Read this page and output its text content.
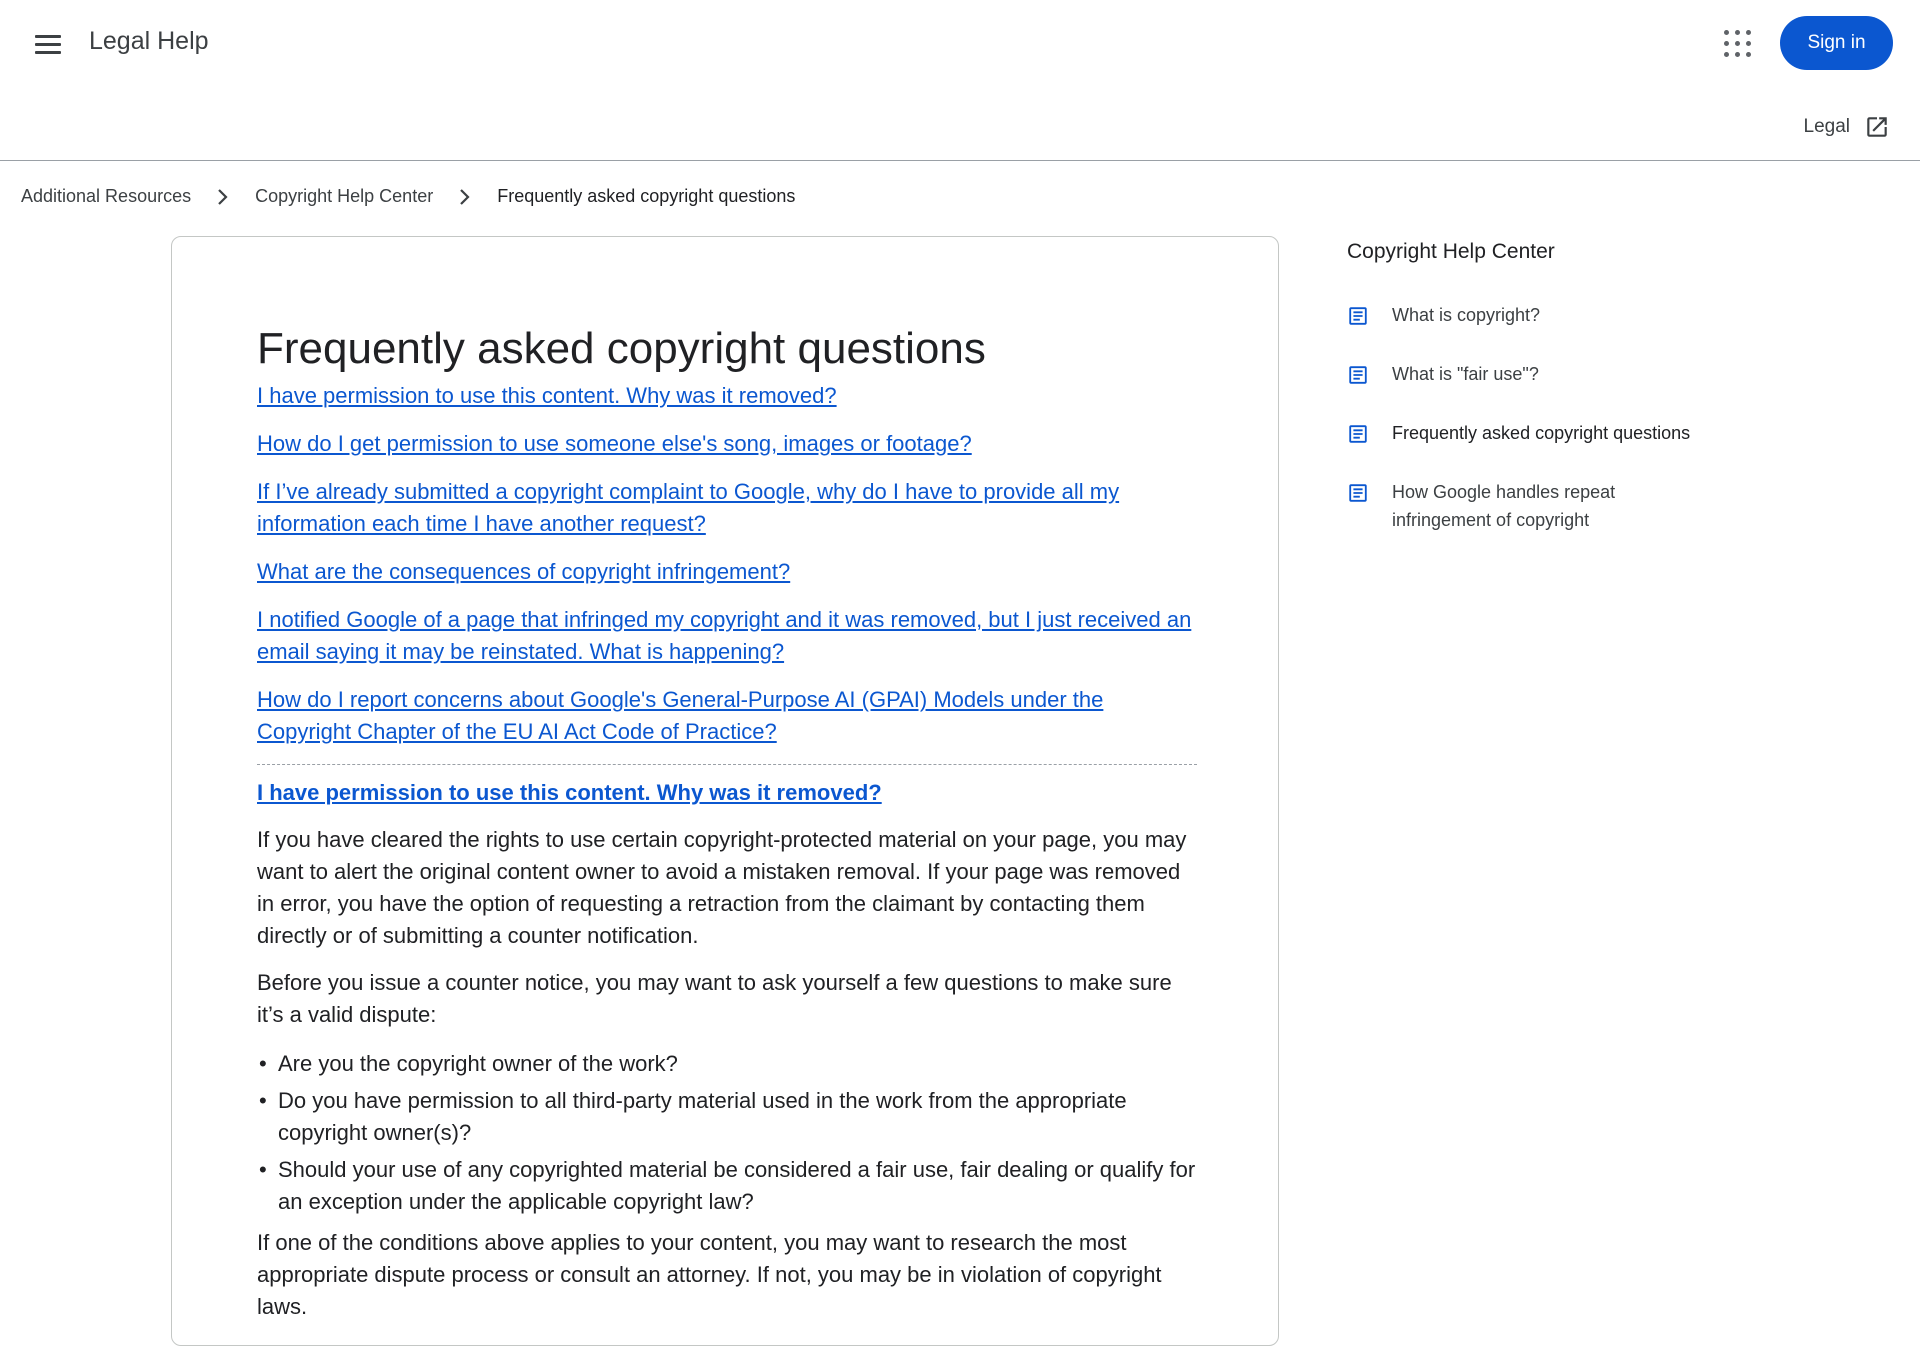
Legal Help	Sign in
Legal
Additional Resources	Copyright Help Center	Frequently asked copyright questions
Frequently asked copyright questions
I have permission to use this content. Why was it removed?
How do I get permission to use someone else's song, images or footage?
If I’ve already submitted a copyright complaint to Google, why do I have to provide all my information each time I have another request?
What are the consequences of copyright infringement?
I notified Google of a page that infringed my copyright and it was removed, but I just received an email saying it may be reinstated. What is happening?
How do I report concerns about Google's General-Purpose AI (GPAI) Models under the Copyright Chapter of the EU AI Act Code of Practice?
I have permission to use this content. Why was it removed?

If you have cleared the rights to use certain copyright-protected material on your page, you may want to alert the original content owner to avoid a mistaken removal. If your page was removed in error, you have the option of requesting a retraction from the claimant by contacting them directly or of submitting a counter notification.

Before you issue a counter notice, you may want to ask yourself a few questions to make sure it’s a valid dispute:

• Are you the copyright owner of the work?
• Do you have permission to all third-party material used in the work from the appropriate copyright owner(s)?
• Should your use of any copyrighted material be considered a fair use, fair dealing or qualify for an exception under the applicable copyright law?

If one of the conditions above applies to your content, you may want to research the most appropriate dispute process or consult an attorney. If not, you may be in violation of copyright laws.

Copyright Help Center
What is copyright?
What is "fair use"?
Frequently asked copyright questions
How Google handles repeat infringement of copyright
